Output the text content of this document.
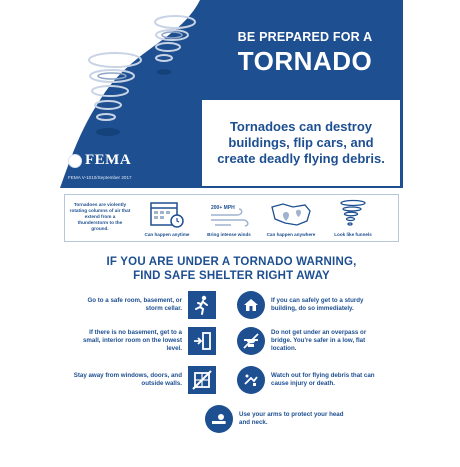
BE PREPARED FOR A
TORNADO
Tornadoes can destroy buildings, flip cars, and create deadly flying debris.
FEMA
FEMA V-1010/September 2017
Tornadoes are violently rotating columns of air that extend from a thunderstorm to the ground.
Can happen anytime
200+ MPH
Bring intense winds	Can happen anywhere	Look like funnels
IF YOU ARE UNDER A TORNADO WARNING,
FIND SAFE SHELTER RIGHT AWAY
Go to a safe room, basement, or storm cellar.
If there is no basement, get to a small, interior room on the lowest level.
Stay away from windows, doors, and outside walls.
If you can safely get to a sturdy building, do so immediately.
Do not get under an overpass or bridge. You're safer in a low, flat location.
Watch out for flying debris that can cause injury or death.
Use your arms to protect your head and neck.
